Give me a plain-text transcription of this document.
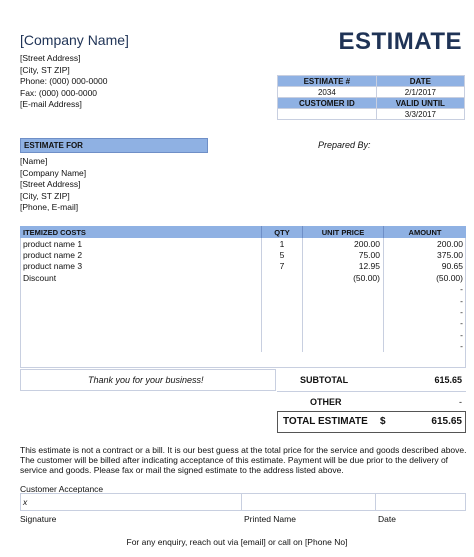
[Company Name]	ESTIMATE
[Street Address]
[City, ST ZIP]
Phone: (000) 000-0000
Fax: (000) 000-0000
[E-mail Address]
ESTIMATE #	DATE
2034	2/1/2017
CUSTOMER ID	VALID UNTIL
	3/3/2017
ESTIMATE FOR	Prepared By:
[Name]
[Company Name]
[Street Address]
[City, ST ZIP]
[Phone, E-mail]
ITEMIZED COSTS	QTY	UNIT PRICE	AMOUNT
product name 1	1	200.00	200.00
product name 2	5	75.00	375.00
product name 3	7	12.95	90.65
Discount		(50.00)	(50.00)
			-
			-
			-
			-
			-
			-
Thank you for your business!	SUBTOTAL	615.65
OTHER	-
TOTAL ESTIMATE $	615.65
This estimate is not a contract or a bill. It is our best guess at the total price for the service and goods described above. The customer will be billed after indicating acceptance of this estimate. Payment will be due prior to the delivery of service and goods. Please fax or mail the signed estimate to the address listed above.
Customer Acceptance
x
Signature	Printed Name	Date
For any enquiry, reach out via [email] or call on [Phone No]
